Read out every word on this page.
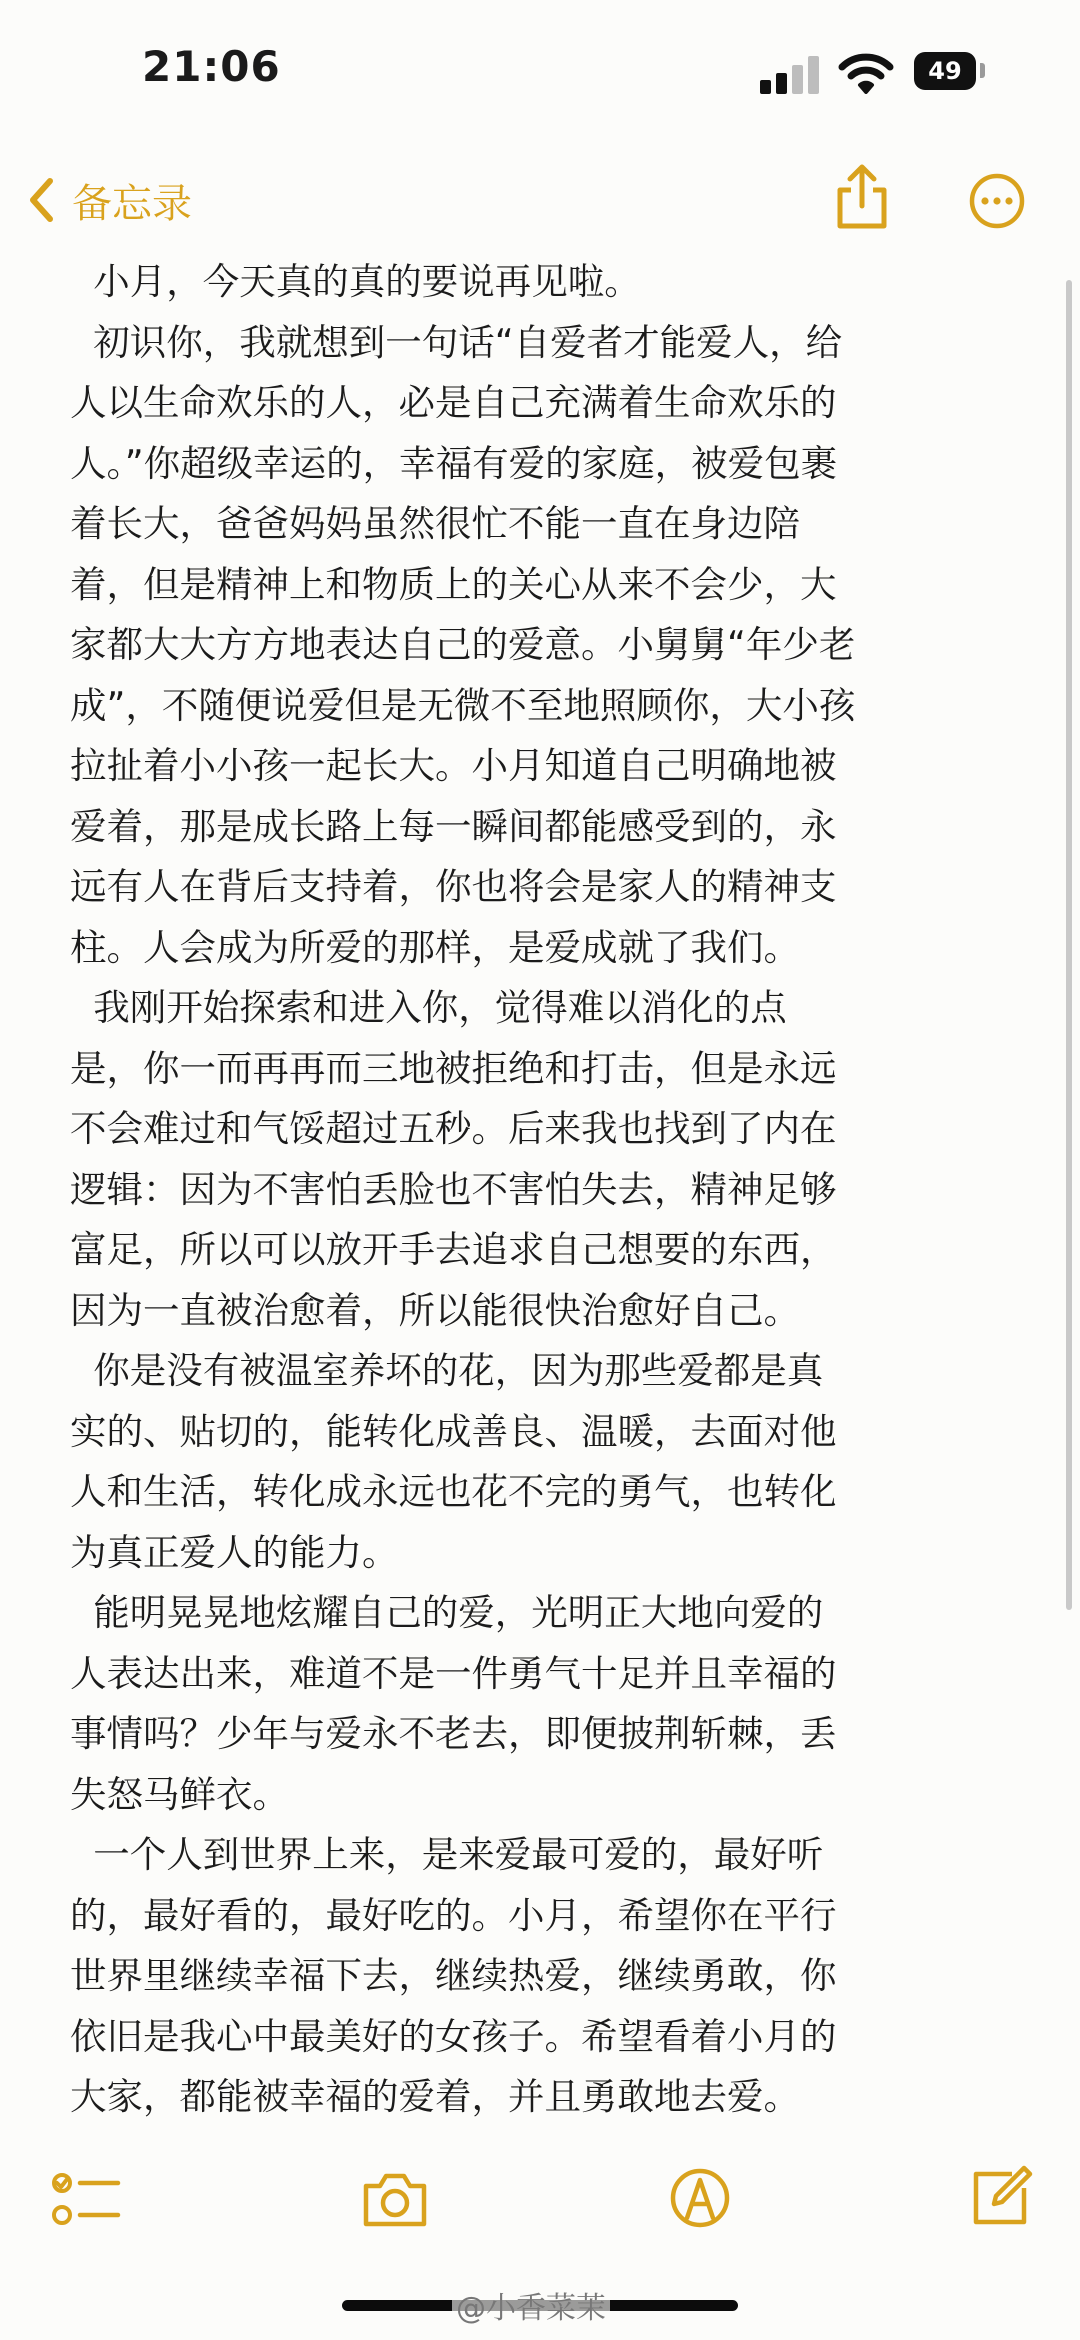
21:06	49
备忘录

小月，今天真的真的要说再见啦。

初识你，我就想到一句话“自爱者才能爱人，给

人以生命欢乐的人，必是自己充满着生命欢乐的

人。”你超级幸运的，幸福有爱的家庭，被爱包裹

着长大，爸爸妈妈虽然很忙不能一直在身边陪

着，但是精神上和物质上的关心从来不会少，大

家都大大方方地表达自己的爱意。小舅舅“年少老

成”，不随便说爱但是无微不至地照顾你，大小孩

拉扯着小小孩一起长大。小月知道自己明确地被

爱着，那是成长路上每一瞬间都能感受到的，永

远有人在背后支持着，你也将会是家人的精神支

柱。人会成为所爱的那样，是爱成就了我们。

我刚开始探索和进入你，觉得难以消化的点

是，你一而再再而三地被拒绝和打击，但是永远

不会难过和气馁超过五秒。后来我也找到了内在

逻辑：因为不害怕丢脸也不害怕失去，精神足够

富足，所以可以放开手去追求自己想要的东西，

因为一直被治愈着，所以能很快治愈好自己。

你是没有被温室养坏的花，因为那些爱都是真

实的、贴切的，能转化成善良、温暖，去面对他

人和生活，转化成永远也花不完的勇气，也转化

为真正爱人的能力。

能明晃晃地炫耀自己的爱，光明正大地向爱的

人表达出来，难道不是一件勇气十足并且幸福的

事情吗？少年与爱永不老去，即便披荆斩棘，丢

失怒马鲜衣。

一个人到世界上来，是来爱最可爱的，最好听

的，最好看的，最好吃的。小月，希望你在平行

世界里继续幸福下去，继续热爱，继续勇敢，你

依旧是我心中最美好的女孩子。希望看着小月的

大家，都能被幸福的爱着，并且勇敢地去爱。

@小香菜茉
